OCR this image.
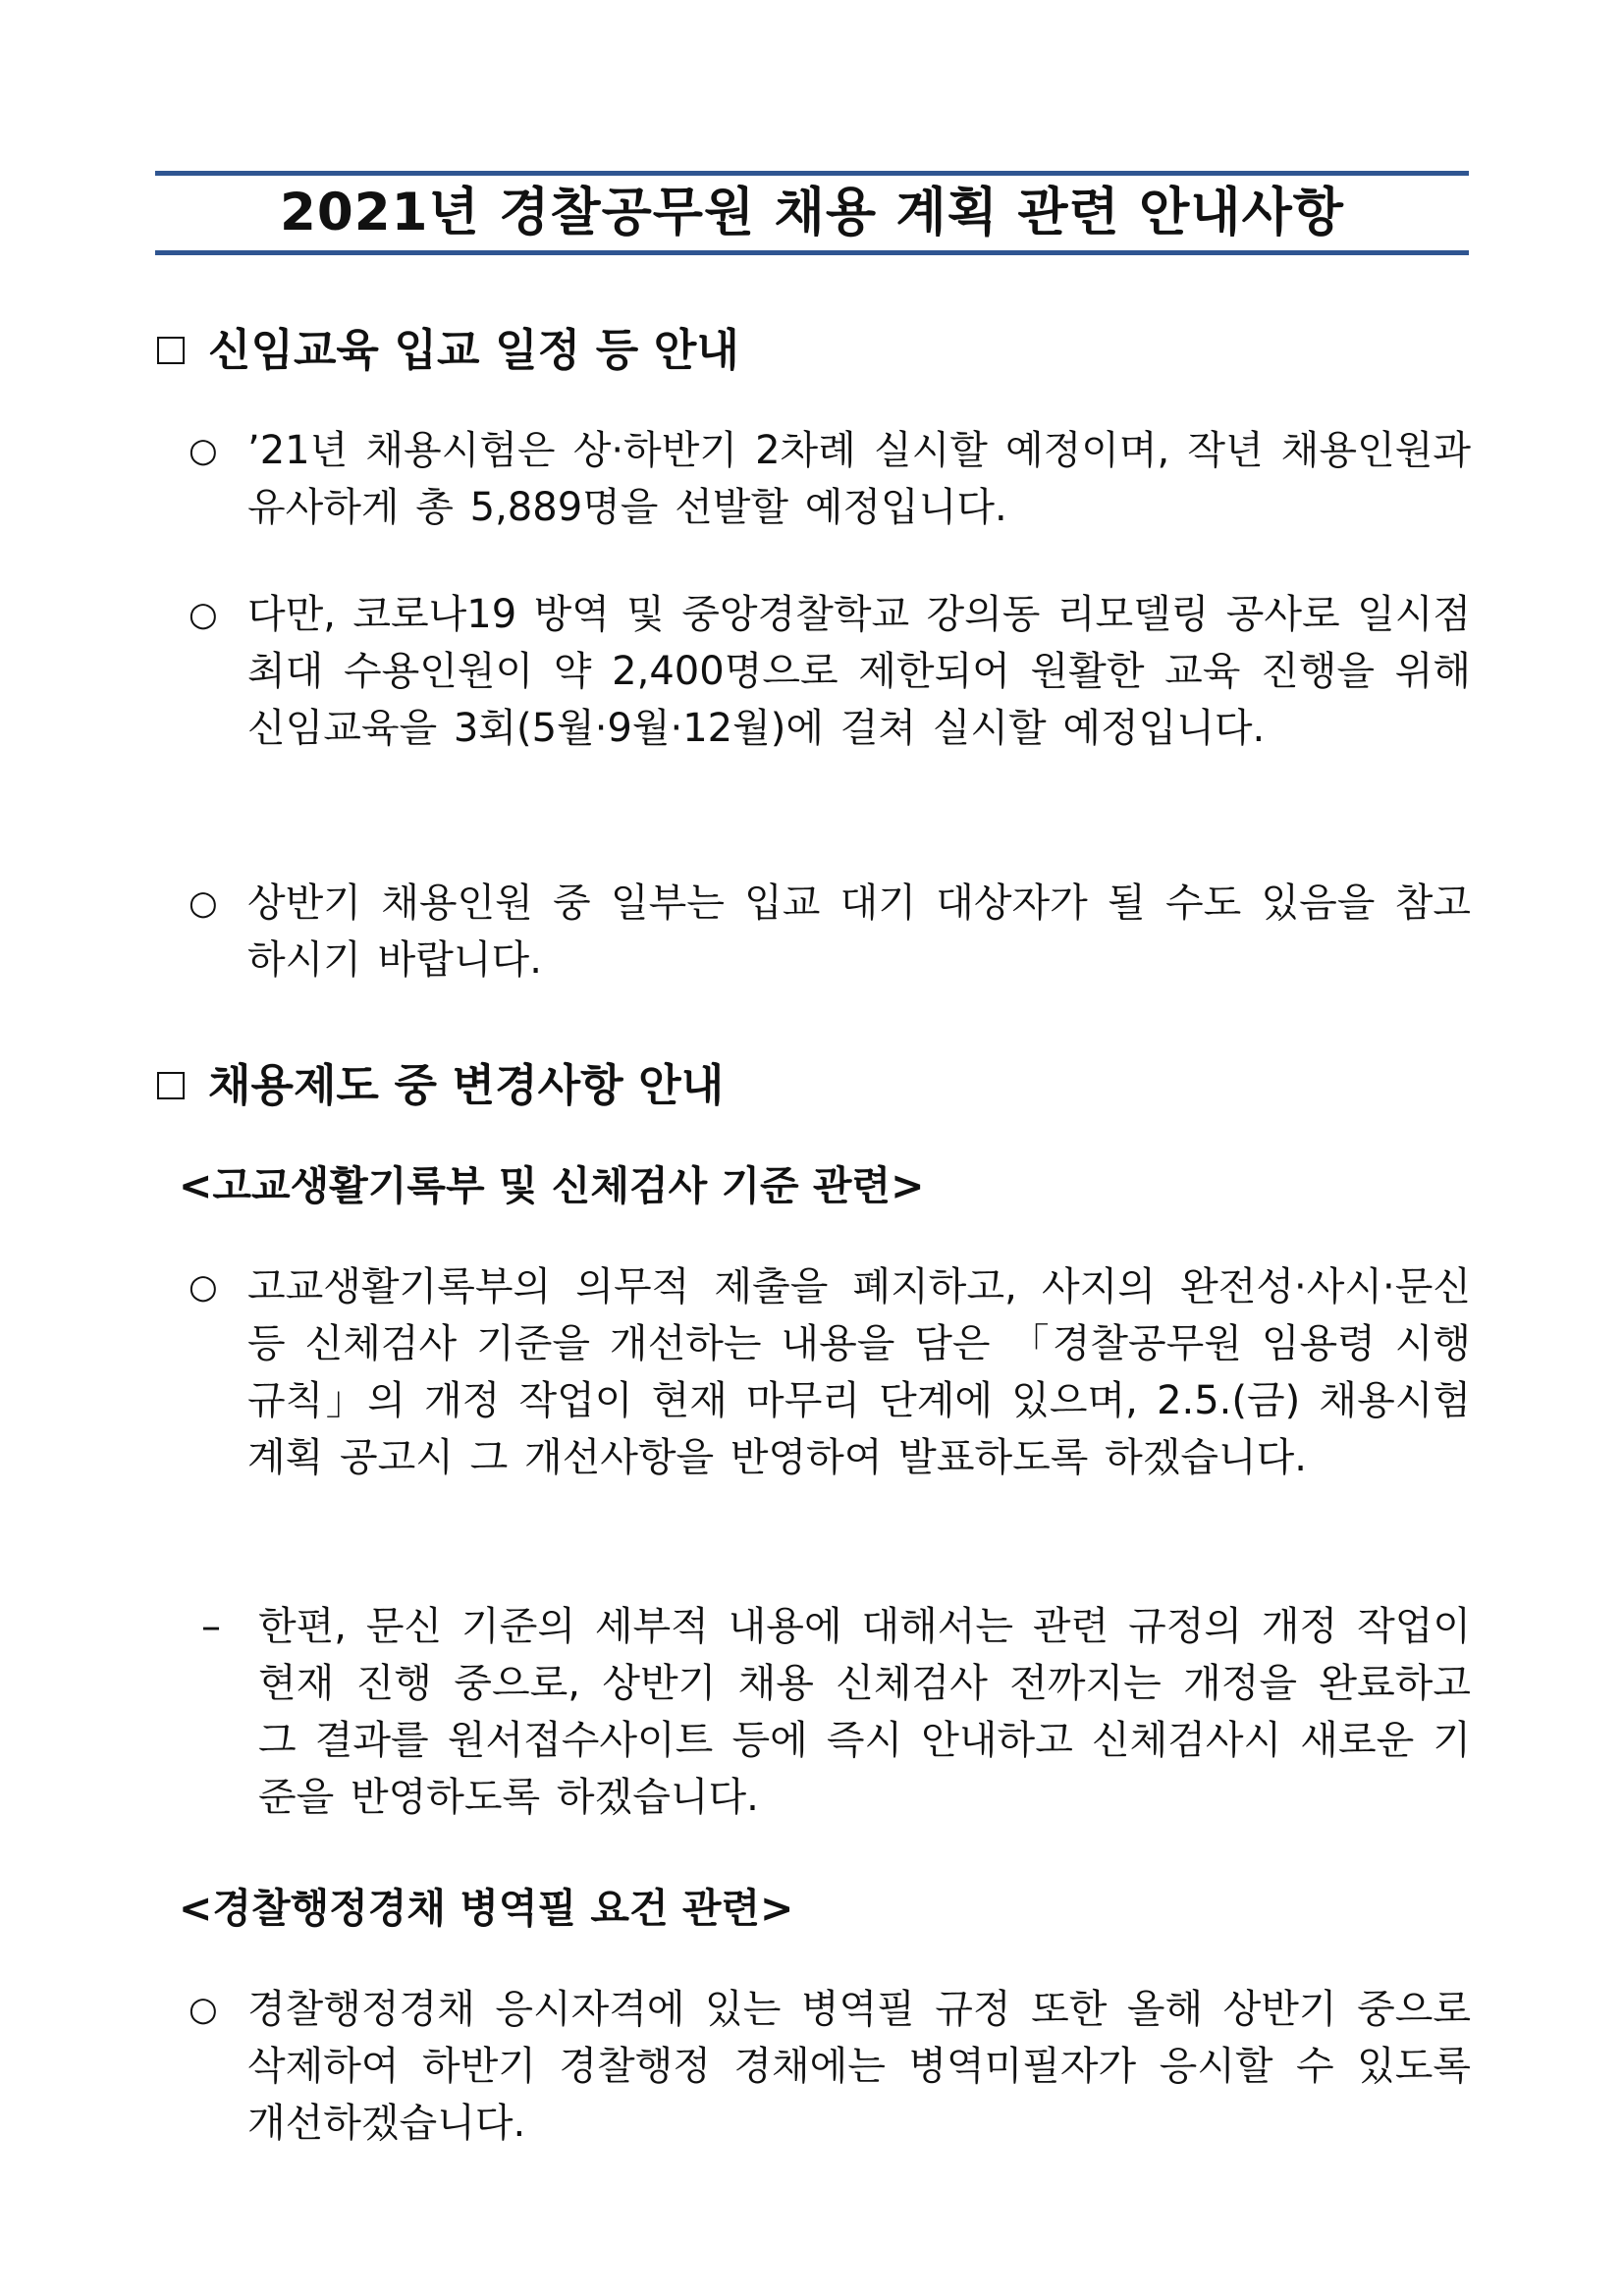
2021년 경찰공무원 채용 계획 관련 안내사항
신임교육 입교 일정 등 안내
○ ’21년 채용시험은 상·하반기 2차례 실시할 예정이며, 작년 채용인원과 유사하게 총 5,889명을 선발할 예정입니다.
○ 다만, 코로나19 방역 및 중앙경찰학교 강의동 리모델링 공사로 일시점 최대 수용인원이 약 2,400명으로 제한되어 원활한 교육 진행을 위해 신임교육을 3회(5월·9월·12월)에 걸쳐 실시할 예정입니다.
○ 상반기 채용인원 중 일부는 입교 대기 대상자가 될 수도 있음을 참고하시기 바랍니다.
채용제도 중 변경사항 안내
<고교생활기록부 및 신체검사 기준 관련>
○ 고교생활기록부의 의무적 제출을 폐지하고, 사지의 완전성·사시·문신 등 신체검사 기준을 개선하는 내용을 담은 「경찰공무원 임용령 시행규칙」의 개정 작업이 현재 마무리 단계에 있으며, 2.5.(금) 채용시험계획 공고시 그 개선사항을 반영하여 발표하도록 하겠습니다.
– 한편, 문신 기준의 세부적 내용에 대해서는 관련 규정의 개정 작업이 현재 진행 중으로, 상반기 채용 신체검사 전까지는 개정을 완료하고 그 결과를 원서접수사이트 등에 즉시 안내하고 신체검사시 새로운 기준을 반영하도록 하겠습니다.
<경찰행정경채 병역필 요건 관련>
○ 경찰행정경채 응시자격에 있는 병역필 규정 또한 올해 상반기 중으로 삭제하여 하반기 경찰행정 경채에는 병역미필자가 응시할 수 있도록 개선하겠습니다.
